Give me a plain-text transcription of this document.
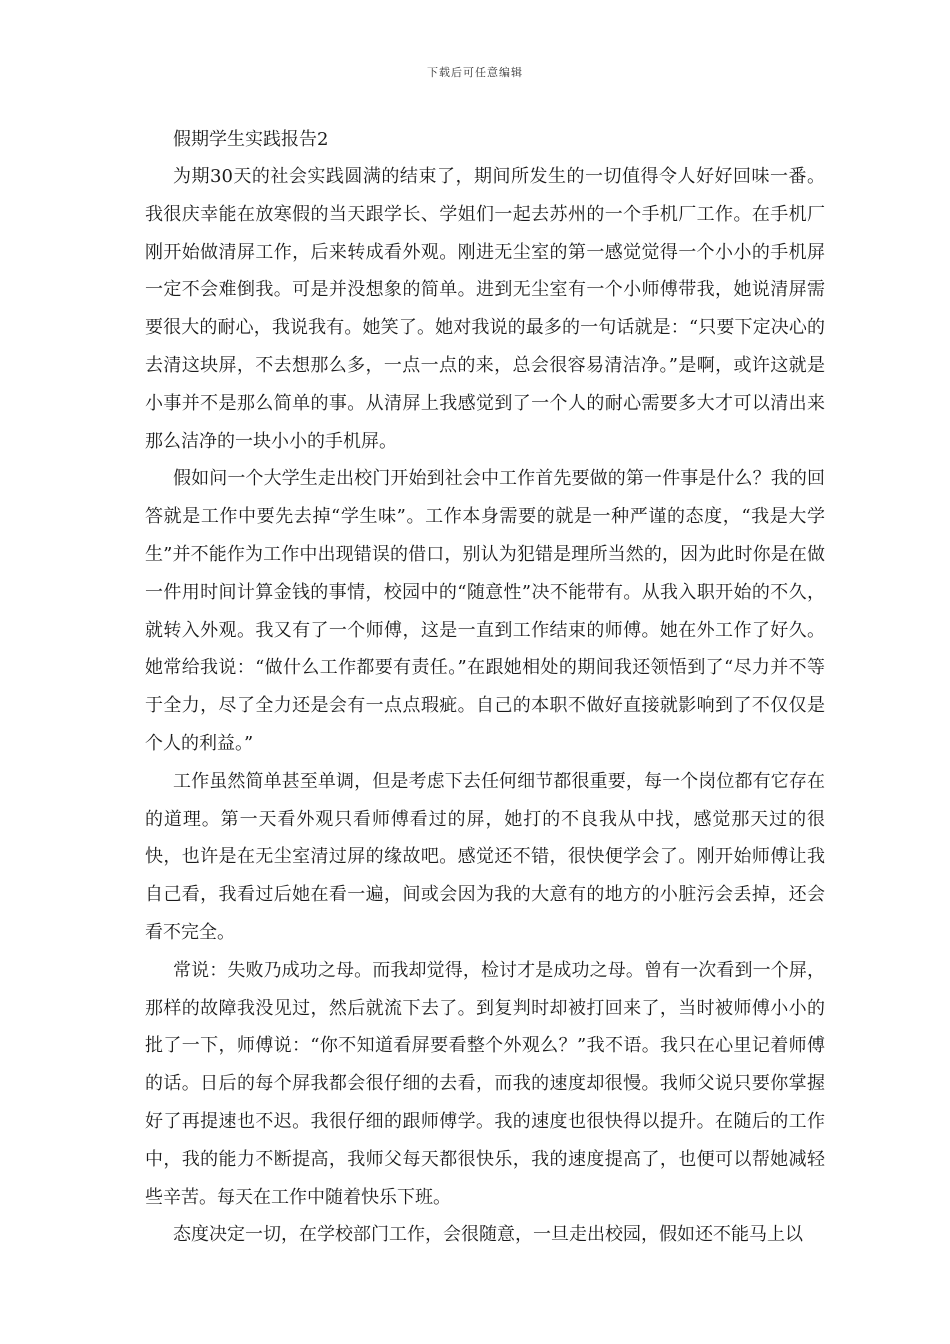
下载后可任意编辑
假期学生实践报告2

为期30天的社会实践圆满的结束了，期间所发生的一切值得令人好好回味一番。我很庆幸能在放寒假的当天跟学长、学姐们一起去苏州的一个手机厂工作。在手机厂刚开始做清屏工作，后来转成看外观。刚进无尘室的第一感觉觉得一个小小的手机屏一定不会难倒我。可是并没想象的简单。进到无尘室有一个小师傅带我，她说清屏需要很大的耐心，我说我有。她笑了。她对我说的最多的一句话就是：“只要下定决心的去清这块屏，不去想那么多，一点一点的来，总会很容易清洁净。”是啊，或许这就是小事并不是那么简单的事。从清屏上我感觉到了一个人的耐心需要多大才可以清出来那么洁净的一块小小的手机屏。

假如问一个大学生走出校门开始到社会中工作首先要做的第一件事是什么？我的回答就是工作中要先去掉“学生味”。工作本身需要的就是一种严谨的态度，“我是大学生”并不能作为工作中出现错误的借口，别认为犯错是理所当然的，因为此时你是在做一件用时间计算金钱的事情，校园中的“随意性”决不能带有。从我入职开始的不久，就转入外观。我又有了一个师傅，这是一直到工作结束的师傅。她在外工作了好久。她常给我说：“做什么工作都要有责任。”在跟她相处的期间我还领悟到了“尽力并不等于全力，尽了全力还是会有一点点瑕疵。自己的本职不做好直接就影响到了不仅仅是个人的利益。”

工作虽然简单甚至单调，但是考虑下去任何细节都很重要，每一个岗位都有它存在的道理。第一天看外观只看师傅看过的屏，她打的不良我从中找，感觉那天过的很快，也许是在无尘室清过屏的缘故吧。感觉还不错，很快便学会了。刚开始师傅让我自己看，我看过后她在看一遍，间或会因为我的大意有的地方的小脏污会丢掉，还会看不完全。

常说：失败乃成功之母。而我却觉得，检讨才是成功之母。曾有一次看到一个屏，那样的故障我没见过，然后就流下去了。到复判时却被打回来了，当时被师傅小小的批了一下，师傅说：“你不知道看屏要看整个外观么？”我不语。我只在心里记着师傅的话。日后的每个屏我都会很仔细的去看，而我的速度却很慢。我师父说只要你掌握好了再提速也不迟。我很仔细的跟师傅学。我的速度也很快得以提升。在随后的工作中，我的能力不断提高，我师父每天都很快乐，我的速度提高了，也便可以帮她减轻些辛苦。每天在工作中随着快乐下班。

态度决定一切，在学校部门工作，会很随意，一旦走出校园，假如还不能马上以
